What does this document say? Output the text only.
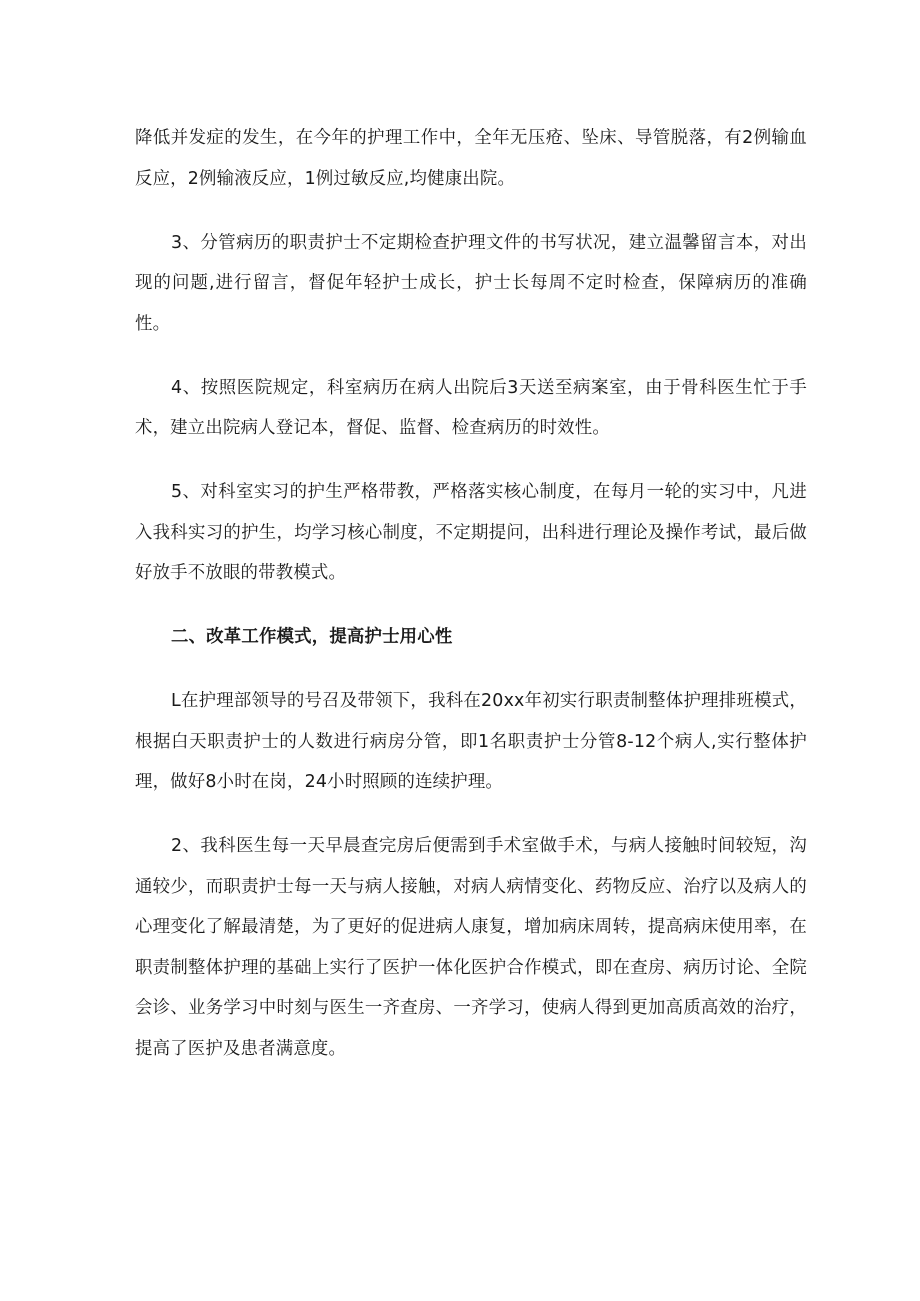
降低并发症的发生，在今年的护理工作中，全年无压疮、坠床、导管脱落，有2例输血反应，2例输液反应，1例过敏反应,均健康出院。

3、分管病历的职责护士不定期检查护理文件的书写状况，建立温馨留言本，对出现的问题,进行留言，督促年轻护士成长，护士长每周不定时检查，保障病历的准确性。

4、按照医院规定，科室病历在病人出院后3天送至病案室，由于骨科医生忙于手术，建立出院病人登记本，督促、监督、检查病历的时效性。

5、对科室实习的护生严格带教，严格落实核心制度，在每月一轮的实习中，凡进入我科实习的护生，均学习核心制度，不定期提问，出科进行理论及操作考试，最后做好放手不放眼的带教模式。

二、改革工作模式，提高护士用心性

L在护理部领导的号召及带领下，我科在20xx年初实行职责制整体护理排班模式，根据白天职责护士的人数进行病房分管，即1名职责护士分管8-12个病人,实行整体护理，做好8小时在岗，24小时照顾的连续护理。

2、我科医生每一天早晨查完房后便需到手术室做手术，与病人接触时间较短，沟通较少，而职责护士每一天与病人接触，对病人病情变化、药物反应、治疗以及病人的心理变化了解最清楚，为了更好的促进病人康复，增加病床周转，提高病床使用率，在职责制整体护理的基础上实行了医护一体化医护合作模式，即在查房、病历讨论、全院会诊、业务学习中时刻与医生一齐查房、一齐学习，使病人得到更加高质高效的治疗，提高了医护及患者满意度。
